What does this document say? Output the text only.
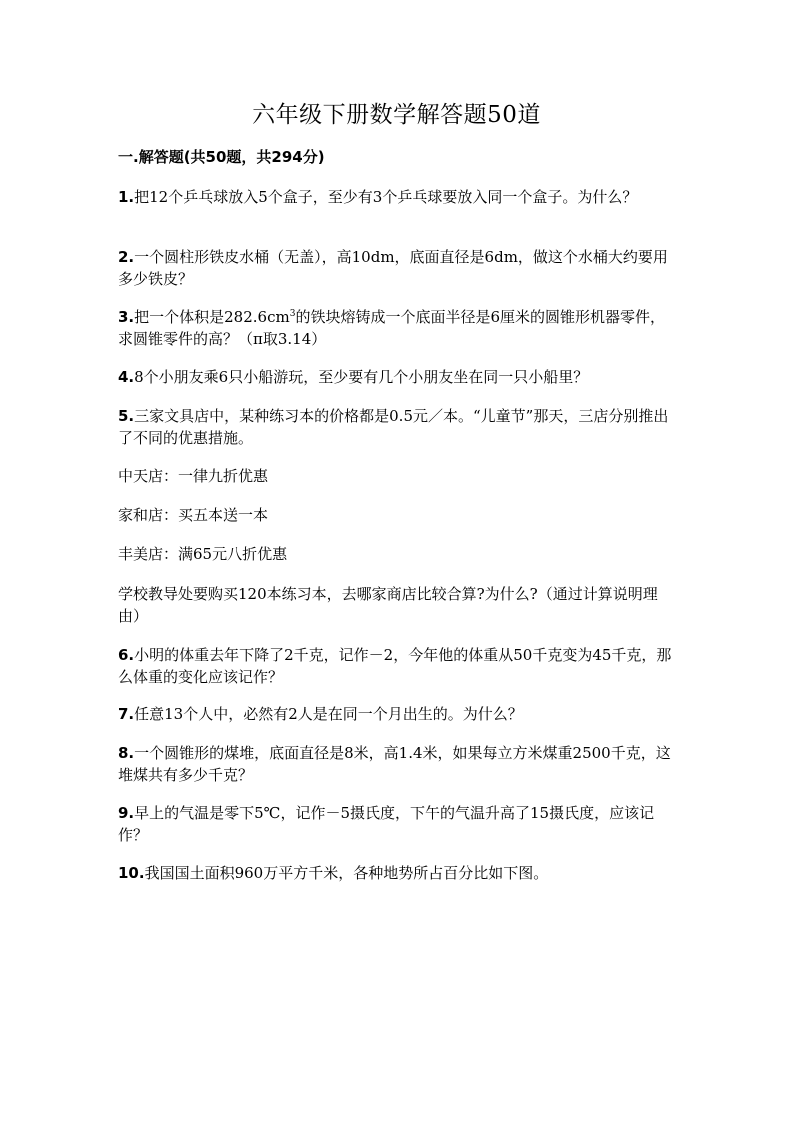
六年级下册数学解答题50道
一.解答题(共50题，共294分)
1.把12个乒乓球放入5个盒子，至少有3个乒乓球要放入同一个盒子。为什么？
2.一个圆柱形铁皮水桶（无盖），高10dm，底面直径是6dm，做这个水桶大约要用多少铁皮？
3.把一个体积是$282.6cm^3$的铁块熔铸成一个底面半径是6厘米的圆锥形机器零件，求圆锥零件的高？（π取3.14）
4.8个小朋友乘6只小船游玩，至少要有几个小朋友坐在同一只小船里？
5.三家文具店中，某种练习本的价格都是0.5元／本。“儿童节”那天，三店分别推出了不同的优惠措施。
中天店：一律九折优惠
家和店：买五本送一本
丰美店：满65元八折优惠
学校教导处要购买120本练习本，去哪家商店比较合算?为什么?（通过计算说明理由）
6.小明的体重去年下降了2千克，记作－2，今年他的体重从50千克变为45千克，那么体重的变化应该记作？
7.任意13个人中，必然有2人是在同一个月出生的。为什么？
8.一个圆锥形的煤堆，底面直径是8米，高1.4米，如果每立方米煤重2500千克，这堆煤共有多少千克？
9.早上的气温是零下5℃，记作－5摄氏度，下午的气温升高了15摄氏度，应该记作？
10.我国国土面积960万平方千米，各种地势所占百分比如下图。
